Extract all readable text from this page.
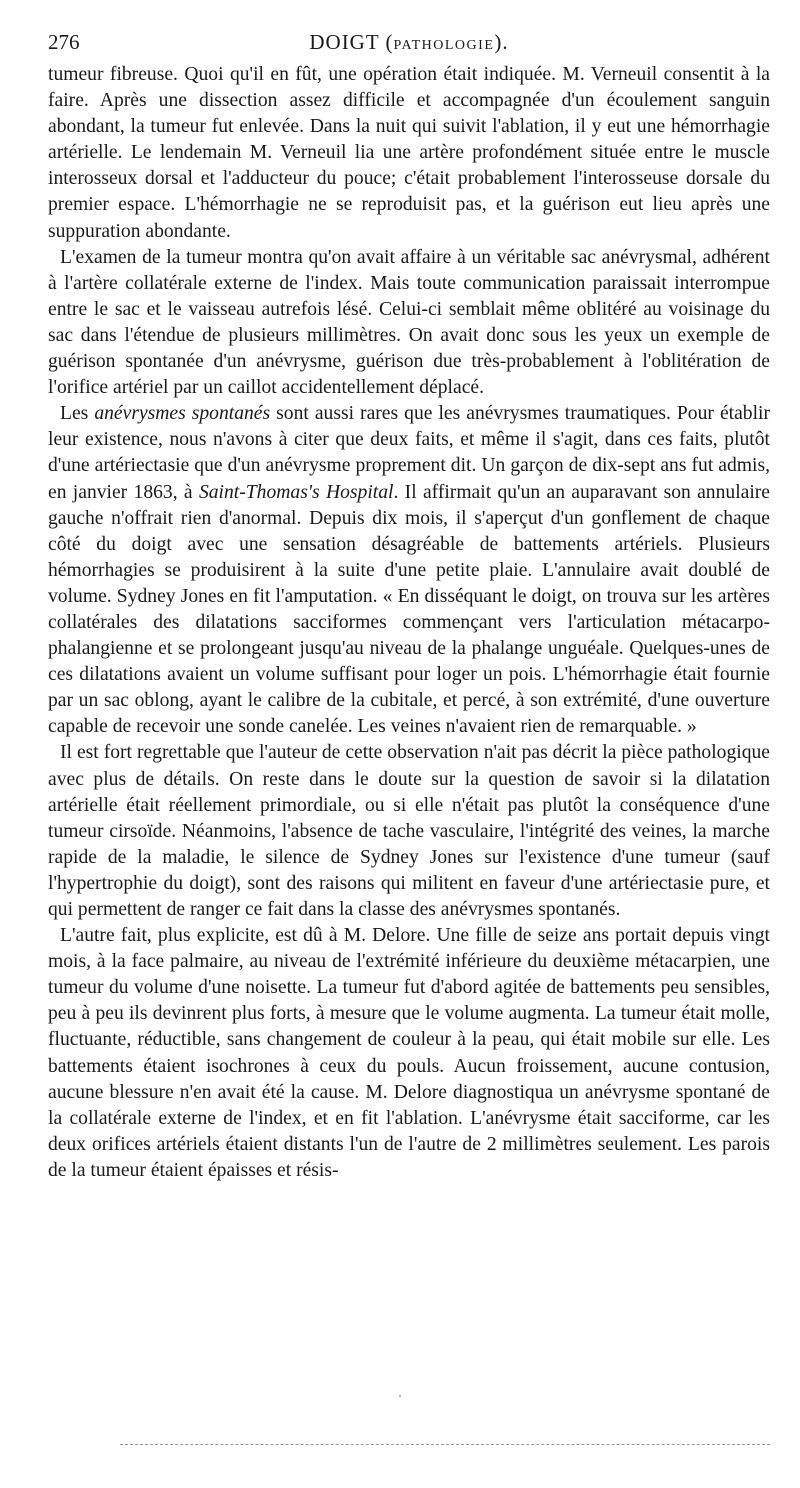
276	DOIGT (PATHOLOGIE).

tumeur fibreuse. Quoi qu'il en fût, une opération était indiquée. M. Verneuil consentit à la faire. Après une dissection assez difficile et accompagnée d'un écoulement sanguin abondant, la tumeur fut enlevée. Dans la nuit qui suivit l'ablation, il y eut une hémorrhagie artérielle. Le lendemain M. Verneuil lia une artère profondément située entre le muscle interosseux dorsal et l'adducteur du pouce; c'était probablement l'interosseuse dorsale du premier espace. L'hémorrhagie ne se reproduisit pas, et la guérison eut lieu après une suppuration abondante.

L'examen de la tumeur montra qu'on avait affaire à un véritable sac anévrysmal, adhérent à l'artère collatérale externe de l'index. Mais toute communication paraissait interrompue entre le sac et le vaisseau autrefois lésé. Celui-ci semblait même oblitéré au voisinage du sac dans l'étendue de plusieurs millimètres. On avait donc sous les yeux un exemple de guérison spontanée d'un anévrysme, guérison due très-probablement à l'oblitération de l'orifice artériel par un caillot accidentellement déplacé.

Les anévrysmes spontanés sont aussi rares que les anévrysmes traumatiques. Pour établir leur existence, nous n'avons à citer que deux faits, et même il s'agit, dans ces faits, plutôt d'une artériectasie que d'un anévrysme proprement dit. Un garçon de dix-sept ans fut admis, en janvier 1863, à Saint-Thomas's Hospital. Il affirmait qu'un an auparavant son annulaire gauche n'offrait rien d'anormal. Depuis dix mois, il s'aperçut d'un gonflement de chaque côté du doigt avec une sensation désagréable de battements artériels. Plusieurs hémorrhagies se produisirent à la suite d'une petite plaie. L'annulaire avait doublé de volume. Sydney Jones en fit l'amputation. « En disséquant le doigt, on trouva sur les artères collatérales des dilatations sacciformes commençant vers l'articulation métacarpo-phalangienne et se prolongeant jusqu'au niveau de la phalange unguéale. Quelques-unes de ces dilatations avaient un volume suffisant pour loger un pois. L'hémorrhagie était fournie par un sac oblong, ayant le calibre de la cubitale, et percé, à son extrémité, d'une ouverture capable de recevoir une sonde canelée. Les veines n'avaient rien de remarquable. »

Il est fort regrettable que l'auteur de cette observation n'ait pas décrit la pièce pathologique avec plus de détails. On reste dans le doute sur la question de savoir si la dilatation artérielle était réellement primordiale, ou si elle n'était pas plutôt la conséquence d'une tumeur cirsoïde. Néanmoins, l'absence de tache vasculaire, l'intégrité des veines, la marche rapide de la maladie, le silence de Sydney Jones sur l'existence d'une tumeur (sauf l'hypertrophie du doigt), sont des raisons qui militent en faveur d'une artériectasie pure, et qui permettent de ranger ce fait dans la classe des anévrysmes spontanés.

L'autre fait, plus explicite, est dû à M. Delore. Une fille de seize ans portait depuis vingt mois, à la face palmaire, au niveau de l'extrémité inférieure du deuxième métacarpien, une tumeur du volume d'une noisette. La tumeur fut d'abord agitée de battements peu sensibles, peu à peu ils devinrent plus forts, à mesure que le volume augmenta. La tumeur était molle, fluctuante, réductible, sans changement de couleur à la peau, qui était mobile sur elle. Les battements étaient isochrones à ceux du pouls. Aucun froissement, aucune contusion, aucune blessure n'en avait été la cause. M. Delore diagnostiqua un anévrysme spontané de la collatérale externe de l'index, et en fit l'ablation. L'anévrysme était sacciforme, car les deux orifices artériels étaient distants l'un de l'autre de 2 millimètres seulement. Les parois de la tumeur étaient épaisses et résis-

'
